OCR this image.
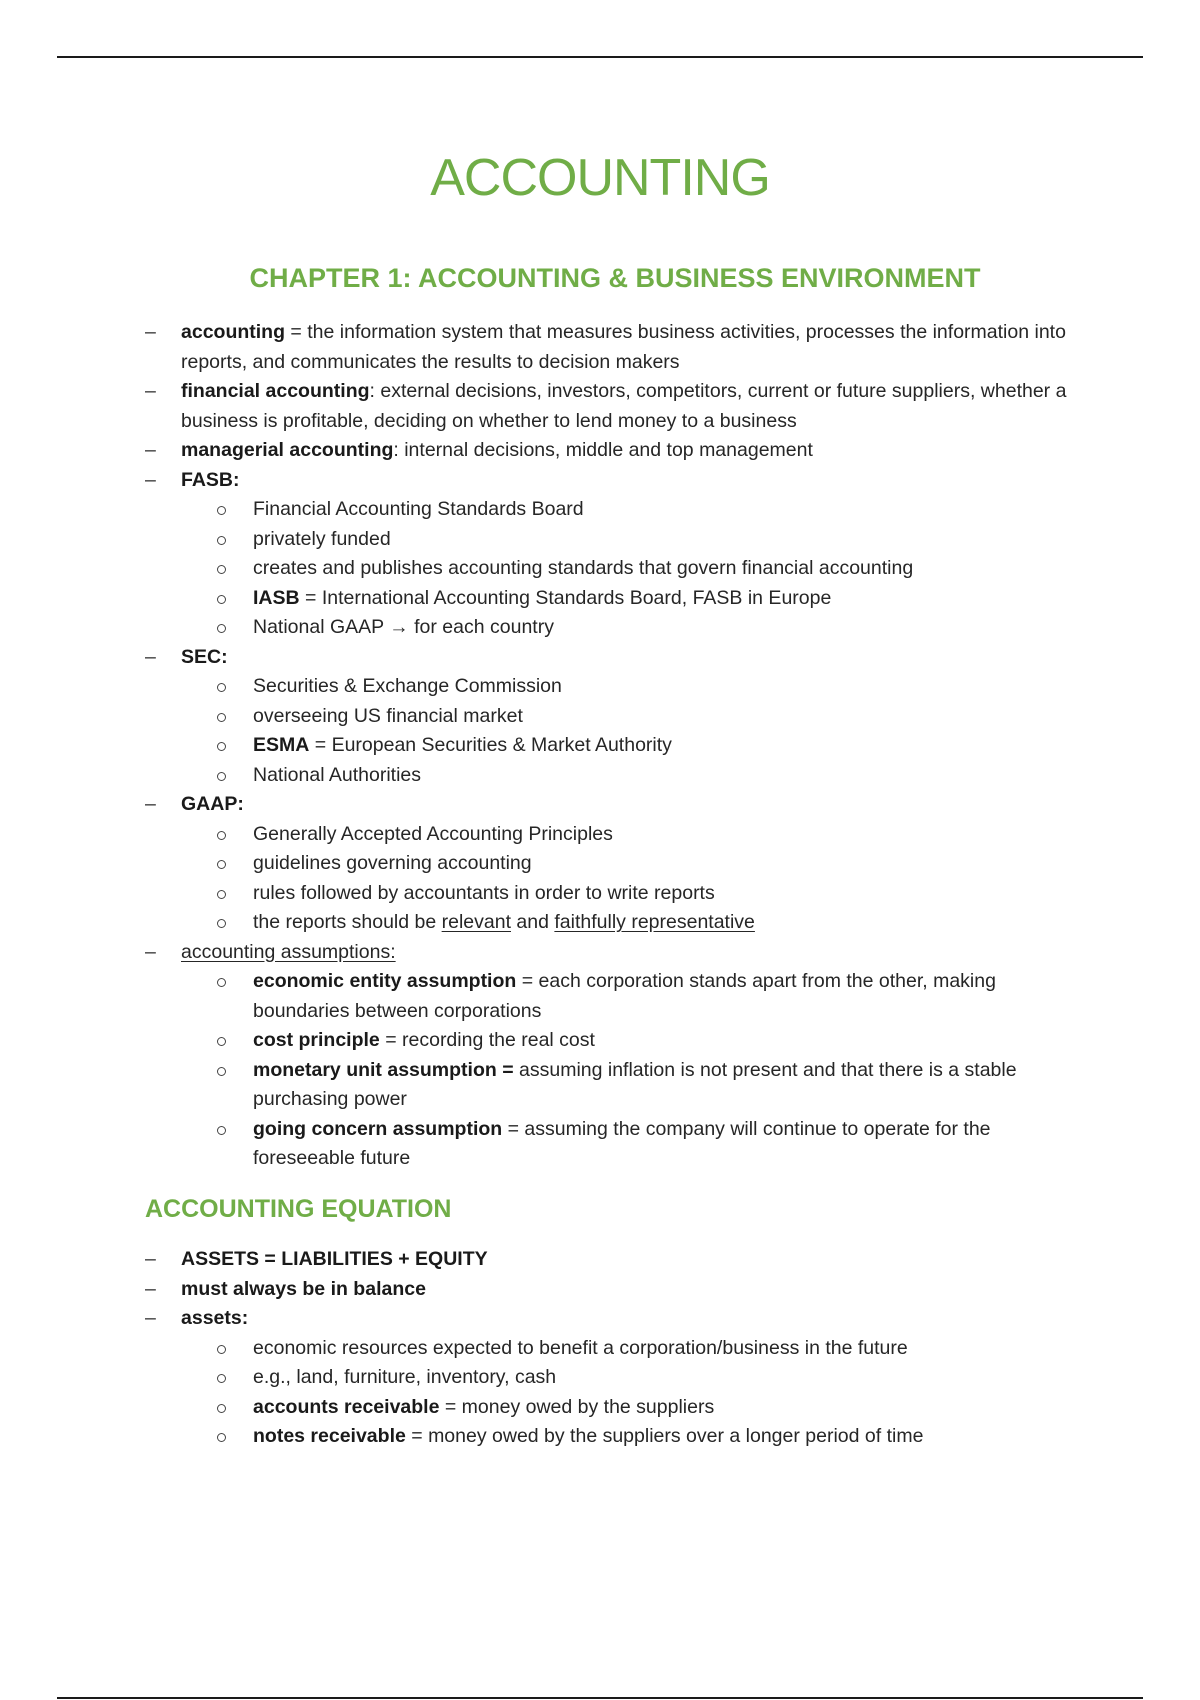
ACCOUNTING
CHAPTER 1: ACCOUNTING & BUSINESS ENVIRONMENT
– accounting = the information system that measures business activities, processes the information into reports, and communicates the results to decision makers
– financial accounting: external decisions, investors, competitors, current or future suppliers, whether a business is profitable, deciding on whether to lend money to a business
– managerial accounting: internal decisions, middle and top management
– FASB:
Financial Accounting Standards Board
privately funded
creates and publishes accounting standards that govern financial accounting
IASB = International Accounting Standards Board, FASB in Europe
National GAAP → for each country
– SEC:
Securities & Exchange Commission
overseeing US financial market
ESMA = European Securities & Market Authority
National Authorities
– GAAP:
Generally Accepted Accounting Principles
guidelines governing accounting
rules followed by accountants in order to write reports
the reports should be relevant and faithfully representative
– accounting assumptions:
economic entity assumption = each corporation stands apart from the other, making boundaries between corporations
cost principle = recording the real cost
monetary unit assumption = assuming inflation is not present and that there is a stable purchasing power
going concern assumption = assuming the company will continue to operate for the foreseeable future
ACCOUNTING EQUATION
– ASSETS = LIABILITIES + EQUITY
– must always be in balance
– assets:
economic resources expected to benefit a corporation/business in the future
e.g., land, furniture, inventory, cash
accounts receivable = money owed by the suppliers
notes receivable = money owed by the suppliers over a longer period of time
